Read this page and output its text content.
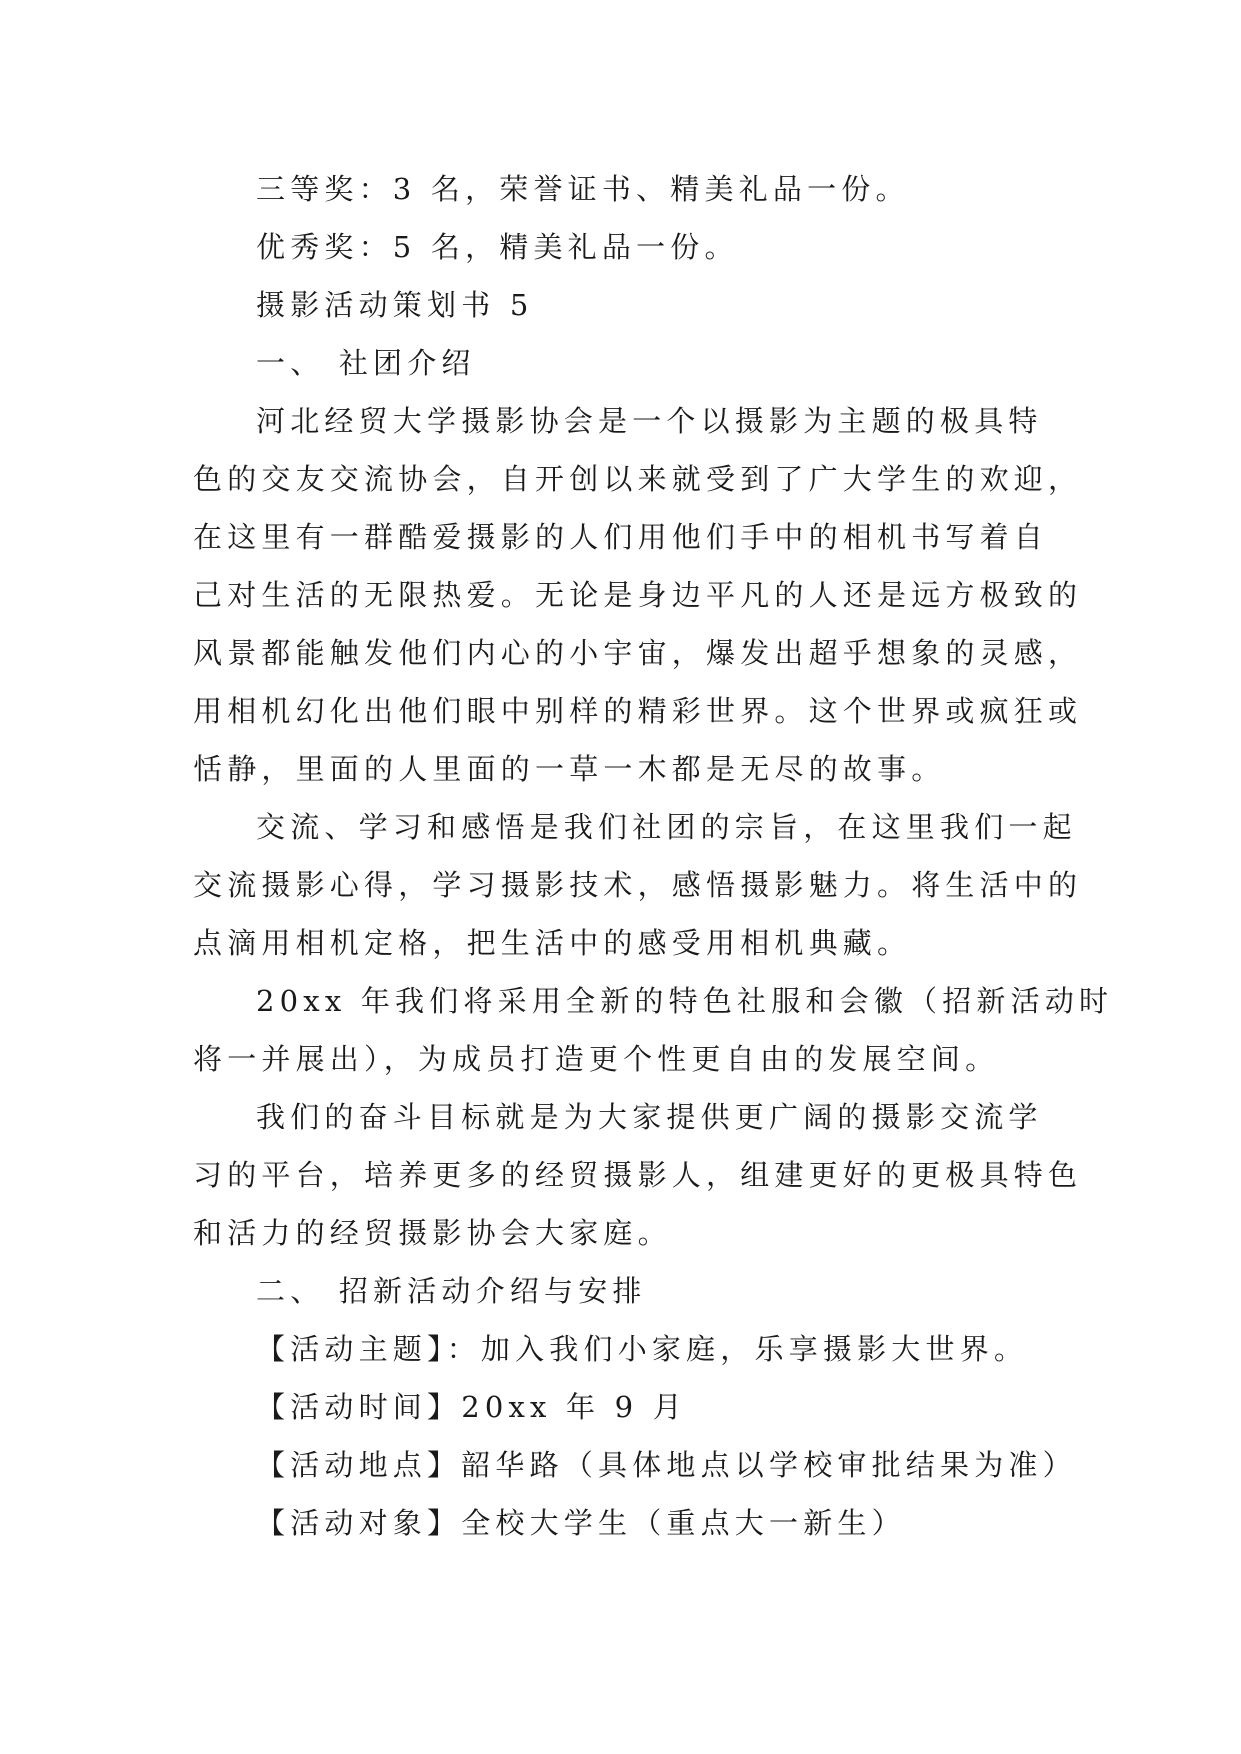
三等奖：3 名，荣誉证书、精美礼品一份。
优秀奖：5 名，精美礼品一份。
摄影活动策划书 5
一、 社团介绍
河北经贸大学摄影协会是一个以摄影为主题的极具特
色的交友交流协会，自开创以来就受到了广大学生的欢迎，
在这里有一群酷爱摄影的人们用他们手中的相机书写着自
己对生活的无限热爱。无论是身边平凡的人还是远方极致的
风景都能触发他们内心的小宇宙，爆发出超乎想象的灵感，
用相机幻化出他们眼中别样的精彩世界。这个世界或疯狂或
恬静，里面的人里面的一草一木都是无尽的故事。
交流、学习和感悟是我们社团的宗旨，在这里我们一起
交流摄影心得，学习摄影技术，感悟摄影魅力。将生活中的
点滴用相机定格，把生活中的感受用相机典藏。
20xx 年我们将采用全新的特色社服和会徽（招新活动时
将一并展出），为成员打造更个性更自由的发展空间。
我们的奋斗目标就是为大家提供更广阔的摄影交流学
习的平台，培养更多的经贸摄影人，组建更好的更极具特色
和活力的经贸摄影协会大家庭。
二、 招新活动介绍与安排
【活动主题】：加入我们小家庭，乐享摄影大世界。
【活动时间】20xx 年 9 月
【活动地点】韶华路（具体地点以学校审批结果为准）
【活动对象】全校大学生（重点大一新生）
